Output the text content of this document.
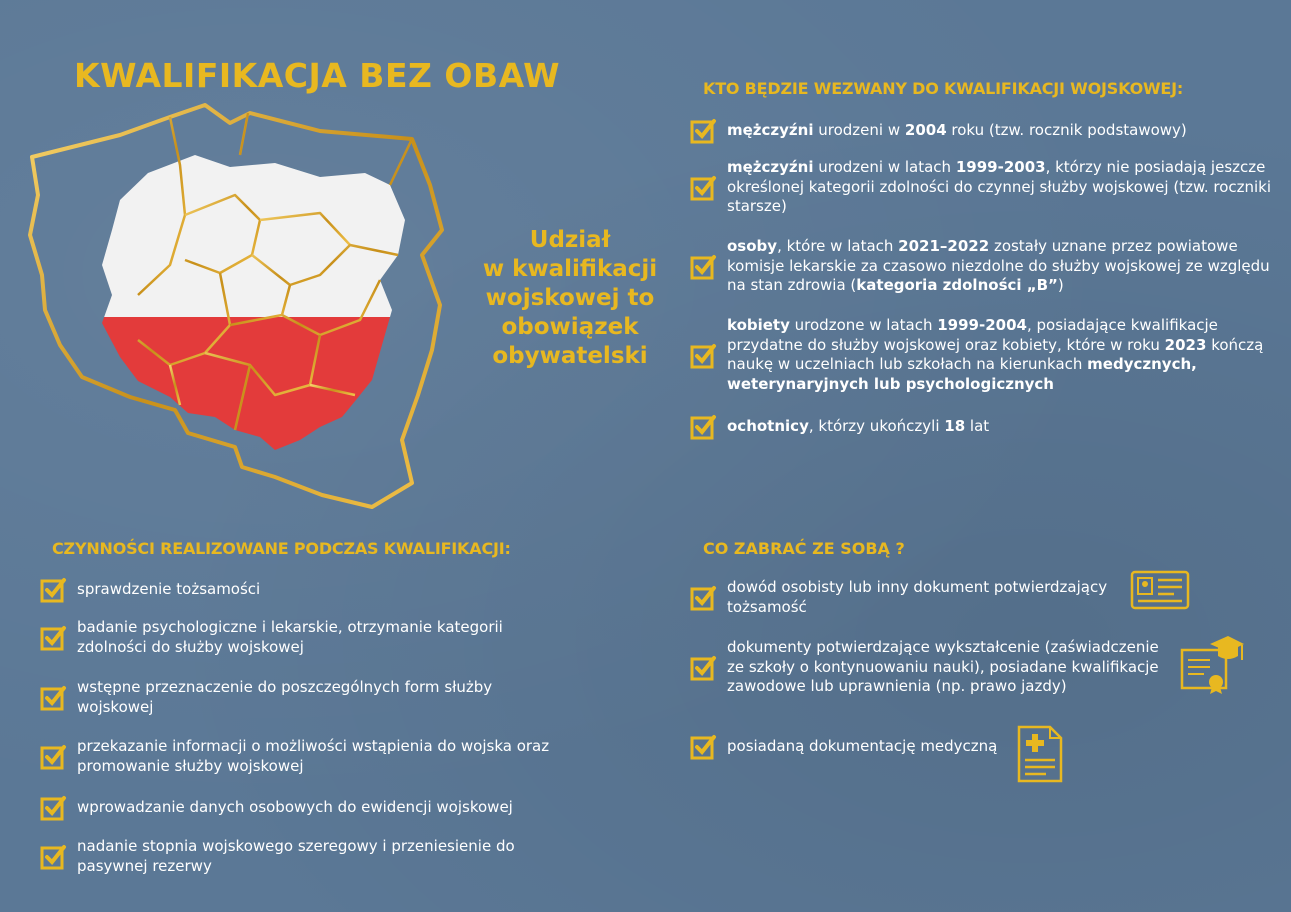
KWALIFIKACJA BEZ OBAW
Udział
w kwalifikacji
wojskowej to
obowiązek
obywatelski
KTO BĘDZIE WEZWANY DO KWALIFIKACJI WOJSKOWEJ:
mężczyźni urodzeni w 2004 roku (tzw. rocznik podstawowy)
mężczyźni urodzeni w latach 1999-2003, którzy nie posiadają jeszcze określonej kategorii zdolności do czynnej służby wojskowej (tzw. roczniki starsze)
osoby, które w latach 2021–2022 zostały uznane przez powiatowe komisje lekarskie za czasowo niezdolne do służby wojskowej ze względu na stan zdrowia (kategoria zdolności „B”)
kobiety urodzone w latach 1999-2004, posiadające kwalifikacje przydatne do służby wojskowej oraz kobiety, które w roku 2023 kończą naukę w uczelniach lub szkołach na kierunkach medycznych, weterynaryjnych lub psychologicznych
ochotnicy, którzy ukończyli 18 lat
CZYNNOŚCI REALIZOWANE PODCZAS KWALIFIKACJI:
sprawdzenie tożsamości
badanie psychologiczne i lekarskie, otrzymanie kategorii zdolności do służby wojskowej
wstępne przeznaczenie do poszczególnych form służby wojskowej
przekazanie informacji o możliwości wstąpienia do wojska oraz promowanie służby wojskowej
wprowadzanie danych osobowych do ewidencji wojskowej
nadanie stopnia wojskowego szeregowy i przeniesienie do pasywnej rezerwy
CO ZABRAĆ ZE SOBĄ ?
dowód osobisty lub inny dokument potwierdzający tożsamość
dokumenty potwierdzające wykształcenie (zaświadczenie ze szkoły o kontynuowaniu nauki), posiadane kwalifikacje zawodowe lub uprawnienia (np. prawo jazdy)
posiadaną dokumentację medyczną
